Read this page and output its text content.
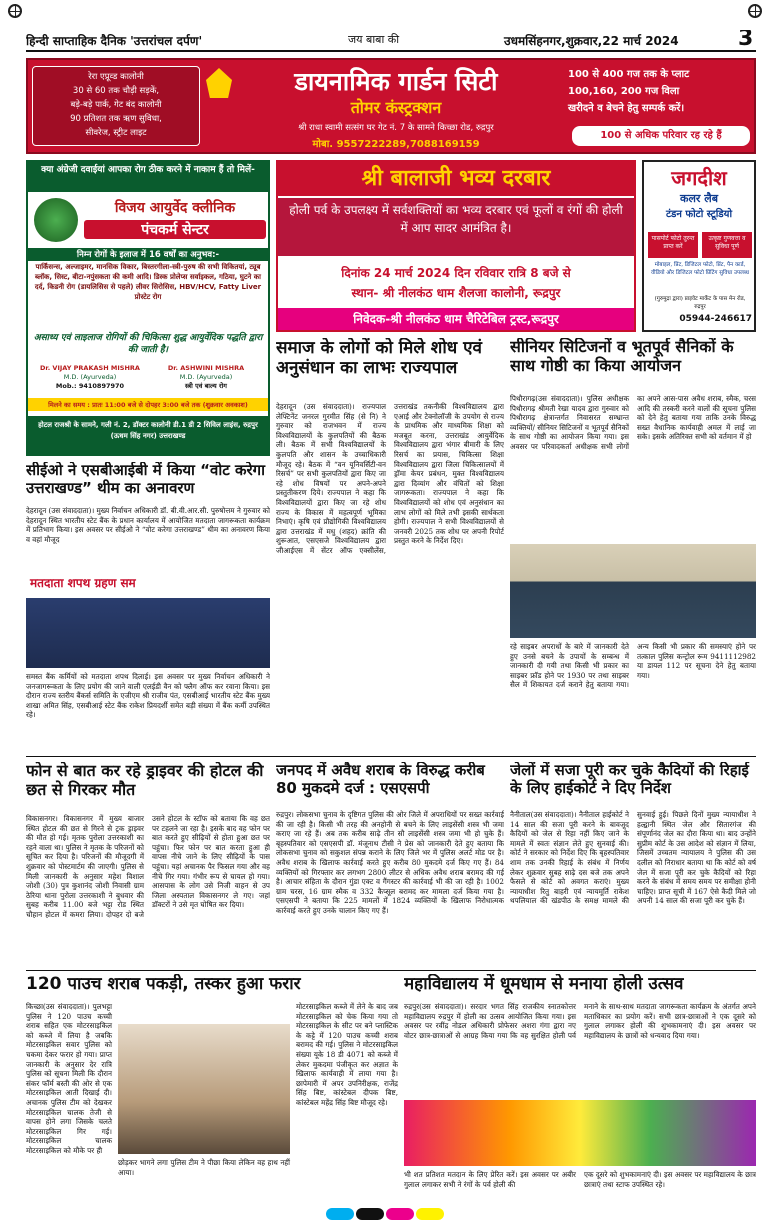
हिन्दी साप्ताहिक दैनिक 'उत्तरांचल दर्पण'	जय बाबा की	उधमसिंहनगर,शुक्रवार,22 मार्च 2024	3
रेरा एप्रूव्ड कालोनी
30 से 60 तक चौड़ी सड़कें,
बड़े-बड़े पार्क, गेट बंद कालोनी
90 प्रतिशत तक ऋण सुविधा,
सीवरेज, स्ट्रीट लाइट
डायनामिक गार्डन सिटी
तोमर कंस्ट्रक्शन
श्री राधा स्वामी सत्संग घर गेट नं. 7 के सामने किच्छा रोड, रुद्रपुर
मोबा. 9557222289,7088169159
100 से 400 गज तक के प्लाट
100,160, 200 गज विला
खरीदने व बेचने हेतु सम्पर्क करें।
100 से अधिक परिवार रह रहे हैं
क्या अंग्रेजी दवाईयां आपका रोग ठीक करने में नाकाम हैं तो मिलें-
विजय आयुर्वेद क्लीनिक
पंचकर्म सेन्टर
निम्न रोगों के इलाज में 16 वर्षों का अनुभव:-
पार्किंसन्स, अल्जाइमर, मानसिक विकार, बिस्तरगीला-स्त्री-पुरुष की सभी विकितयां, ट्यूब ब्लॉक, सिस्ट, बीटा-नपुंसकता की कमी आदि। डिस्क प्रोलेप्स सर्वाइकल, गठिया, घुटने का दर्द, किडनी रोग (डायलिसिस से पहले) लीवर सिरोसिस, HBV/HCV, Fatty Liver प्रोस्टेट रोग
असाध्य एवं लाइलाज रोगियों की चिकित्सा शुद्ध आयुर्वेदिक पद्धति द्वारा की जाती है।
Dr. VIJAY PRAKASH MISHRA
M.D. (Ayurveda)
Mob.: 9410897970
Dr. ASHWINI MISHRA
M.D. (Ayurveda)
स्त्री एवं बाल्य रोग
मिलने का समय : प्रातः 11:00 बजे से दोपहर 3:00 बजे तक (शुक्रवार अवकाश)
होटल राजश्री के सामने, गली नं. 2, डॉक्टर कालोनी डी.1 डी 2 सिविल लाइंस, रुद्रपुर (ऊधम सिंह नगर) उत्तराखण्ड
श्री बालाजी भव्य दरबार
होली पर्व के उपलक्ष्य में सर्वशक्तियों का भव्य दरबार एवं फूलों व रंगों की होली में आप सादर आमंत्रित है।
दिनांक 24 मार्च 2024 दिन रविवार रात्रि 8 बजे से
स्थान- श्री नीलकंठ धाम शैलजा कालोनी, रूद्रपुर
निवेदक-श्री नीलकंठ धाम चैरिटेबिल ट्रस्ट,रूद्रपुर
जगदीश
कलर लैब
टंडन फोटो स्टूडियो
पासपोर्ट फोटो तुरन्त प्राप्त करें
उत्कृष्ट गुणवत्ता व सुविधा पूर्ण
मोबाइल, प्रिंट, डिजिटल फोटो, प्रिंट, पैन कार्ड, वीडियो और डिजिटल फोटो प्रिंटिंग सुविधा उपलब्ध
(गुरुमुद्रा द्वारा) प्राइवेट मार्केट के पास मेन रोड, रुद्रपुर
05944-246617
समाज के लोगों को मिले शोध एवं अनुसंधान का लाभः राज्यपाल
देहरादून (उस संवाददाता)। राज्यपाल लेफ्टिनेंट जनरल गुरमीत सिंह (से नि) ने गुरुवार को राजभवन में राज्य विश्वविद्यालयों के कुलपतियों की बैठक ली। बैठक में सभी विश्वविद्यालयों के कुलपति और शासन के उच्चाधिकारी मौजूद रहे। बैठक में “वन यूनिवर्सिटी-वन रिसर्च” पर सभी कुलपतियों द्वारा किए जा रहे शोध विषयों पर अपने-अपने प्रस्तुतीकरण दिये। राज्यपाल ने कहा कि विश्वविद्यालयों द्वारा किए जा रहे शोध राज्य के विकास में महत्वपूर्ण भूमिका निभाएं। कृषि एवं प्रौद्योगिकी विश्वविद्यालय द्वारा उत्तराखंड में मधु (शहद) क्रांति की शुरूआत, एसएसजे विश्वविद्यालय द्वारा जीआईएस में सेंटर ऑफ एक्सीलेंस, उत्तराखंड तकनीकी विश्वविद्यालय द्वारा एआई और टेक्नोलॉजी के उपयोग से राज्य के प्राथमिक और माध्यमिक शिक्षा को मजबूत करना, उत्तराखंड आयुर्वेदिक विश्वविद्यालय द्वारा भंगार बीमारी के लिए रिसर्च का प्रयास, चिकित्सा शिक्षा विश्वविद्यालय द्वारा जिला चिकित्सालयों में ड्रॉमा केयर प्रबंधन, मुक्त विश्वविद्यालय द्वारा दिव्यांग और वंचितों को शिक्षा जागरूकता। राज्यपाल ने कहा कि विश्वविद्यालयों को शोध एवं अनुसंधान का लाभ लोगों को मिले तभी इसकी सार्थकता होगी। राज्यपाल ने सभी विश्वविद्यालयों से जनवरी 2025 तक शोध पर अपनी रिपोर्ट प्रस्तुत करने के निर्देश दिए।
सीनियर सिटिजनों व भूतपूर्व सैनिकों के साथ गोष्ठी का किया आयोजन
पिथौरागढ़(उस संवाददाता)। पुलिस अधीक्षक पिथौरागढ़ श्रीमती रेखा यादव द्वारा गुरुवार को पिथौरागढ़ क्षेत्रान्तर्गत निवासरत सम्भ्रान्त व्यक्तियों/ सीनियर सिटिजनों व भूतपूर्व सैनिकों के साथ गोष्ठी का आयोजन किया गया। इस अवसर पर परिवादकर्ता अधीक्षक सभी लोगों का अपने आस-पास अवैध शराब, स्मैक, चरस आदि की तस्करी करने वालों की सूचना पुलिस को देने हेतु बताया गया ताकि उनके विरुद्ध सख्त वैधानिक कार्यवाही अमल में लाई जा सके। इसके अतिरिक्त सभी को वर्तमान में हो
रहे साइबर अपराधों के बारे में जानकारी देते हुए उनसे बचने के उपायों के सम्बन्ध में जानकारी दी गयी तथा किसी भी प्रकार का साइबर फ्रॉड होने पर 1930 पर तथा साइबर सैल में शिकायत दर्ज कराने हेतु बताया गया। अन्य किसी भी प्रकार की समस्याएं होने पर तत्काल पुलिस कन्ट्रोल रूम 9411112982 या डायल 112 पर सूचना देने हेतु बताया गया।
सीईओ ने एसबीआईबी में किया “वोट करेगा उत्तराखण्ड” थीम का अनावरण
देहरादून (उस संवाददाता)। मुख्य निर्वाचन अधिकारी डॉ. बी.वी.आर.सी. पुरुषोत्तम ने गुरुवार को देहरादून स्थित भारतीय स्टेट बैंक के प्रधान कार्यालय में आयोजित मतदाता जागरूकता कार्यक्रम में प्रतिभाग किया। इस अवसर पर सीईओ ने “वोट करेगा उत्तराखण्ड” थीम का अनावरण किया व वहां मौजूद
मतदाता शपथ ग्रहण सम
समस्त बैंक कर्मियों को मतदाता शपथ दिलाई। इस अवसर पर मुख्य निर्वाचन अधिकारी ने जनजागरूकता के लिए प्रयोग की जाने वाली एलईडी वैन को फ्लैग ऑफ कर रवाना किया। इस दौरान राज्य स्तरीय बैंकर्स समिति के एजीएम श्री राजीव पंत, एसबीआई भारतीय स्टेट बैंक मुख्य शाखा अमित सिंह, एसबीआई स्टेट बैंक राकेश प्रियदर्शी समेत बड़ी संख्या में बैंक कर्मी उपस्थित रहे।
फोन से बात कर रहे ड्राइवर की होटल की छत से गिरकर मौत
विकासनगर। विकासनगर में मुख्य बाजार स्थित होटल की छत से गिरने से ट्रक ड्राइवर की मौत हो गई। मृतक पुरोला उत्तरकाशी का रहने वाला था। पुलिस ने मृतक के परिजनों को सूचित कर दिया है। परिजनों की मौजूदगी में शुक्रवार को पोस्टमार्टम की जाएगी। पुलिस से मिली जानकारी के अनुसार महेश विशाल जोशी (30) पुत्र कुशानंद जोशी निवासी ग्राम ठेरिया थाना पुरोला उत्तरकाशी ने बुधवार की सुबह करीब 11.00 बजे भट्टा रोड स्थित चौहान होटल में कमरा लिया। दोपहर दो बजे उसने होटल के स्टॉफ को बताया कि वह छत पर टहलने जा रहा है। इसके बाद वह फोन पर बात करते हुए सीढ़ियों से होता हुआ छत पर पहुंचा। फिर फोन पर बात करता हुआ ही वापस नीचे जाने के लिए सीढ़ियों के पास पहुंचा। यहां अचानक पैर फिसल गया और वह नीचे गिर गया। गंभीर रूप से घायल हो गया। आसपास के लोग उसे निजी वाहन से उप जिला अस्पताल विकासनगर ले गए। जहां डॉक्टरों ने उसे मृत घोषित कर दिया।
जनपद में अवैध शराब के विरुद्ध करीब 80 मुकदमे दर्ज : एसएसपी
रुद्रपुर। लोकसभा चुनाव के दृष्टिगत पुलिस की ओर जिले में अपराधियों पर सख्त कार्रवाई की जा रही है। किसी भी तरह की अनहोनी से बचने के लिए लाइसेंसी शस्त्र भी जमा कराए जा रहे हैं। अब तक करीब साढ़े तीन सौ लाइसेंसी शस्त्र जमा भी हो चुके हैं। बृहस्पतिवार को एसएसपी डॉ. मंजूनाथ टीसी ने प्रेस को जानकारी देते हुए बताया कि लोकसभा चुनाव को सकुशल संपन्न कराने के लिए जिले भर में पुलिस अलर्ट मोड पर है। अवैध शराब के खिलाफ कार्रवाई करते हुए करीब 80 मुकदमे दर्ज किए गए हैं। 84 व्यक्तियों को गिरफ्तार कर लगभग 2800 लीटर से अधिक अवैध शराब बरामद की गई है। आचार संहिता के दौरान गुंडा एक्ट व गैंगस्टर की कार्रवाई भी की जा रही है। 1002 ग्राम चरस, 16 ग्राम स्मैक व 332 कैप्सूल बरामद कर मामला दर्ज किया गया है। एसएसपी ने बताया कि 225 मामलों में 1824 व्यक्तियों के खिलाफ निरोधात्मक कार्रवाई करते हुए उनके चालान किए गए हैं।
जेलों में सजा पूरी कर चुके कैदियों की रिहाई के लिए हाईकोर्ट ने दिए निर्देश
नैनीताल(उस संवाददाता)। नैनीताल हाईकोर्ट ने 14 साल की सजा पूरी करने के बावजूद कैदियों को जेल से रिहा नहीं किए जाने के मामले में स्वतः संज्ञान लेते हुए सुनवाई की। कोर्ट ने सरकार को निर्देश दिए कि बृहस्पतिवार शाम तक उनकी रिहाई के संबंध में निर्णय लेकर शुक्रवार सुबह साढ़े दस बजे तक अपने फैसले से कोर्ट को अवगत कराएं। मुख्य न्यायाधीश रितु बाहरी एवं न्यायमूर्ति राकेश थपलियाल की खंडपीठ के समक्ष मामले की सुनवाई हुई। पिछले दिनों मुख्य न्यायाधीश ने हल्द्वानी स्थित जेल और सितारगंज की संपूर्णानंद जेल का दौरा किया था। बाद उन्होंने सुप्रीम कोर्ट के उस आदेश को संज्ञान में लिया, जिसमें उच्चतम न्यायालय ने पुलिस की उस दलील को निराधार बताया था कि कोर्ट को वर्ष जेल में सजा पूरी कर चुके कैदियों को रिहा करने के संबंध में समय समय पर समीक्षा होनी चाहिए। प्राप्त सूची में 167 ऐसे कैदी मिले जो अपनी 14 साल की सजा पूरी कर चुके हैं।
120 पाउच शराब पकड़ी, तस्कर हुआ फरार
किच्छा(उस संवाददाता)। पुलभट्टा पुलिस ने 120 पाउच कच्ची शराब सहित एक मोटरसाइकिल को कब्जे में लिया है जबकि मोटरसाइकिल सवार पुलिस को चकमा देकर फरार हो गया। प्राप्त जानकारी के अनुसार देर रात्रि पुलिस को सूचना मिली कि दौरान संकर फॉर्म बस्ती की ओर से एक मोटरसाइकिल आती दिखाई दी। अचानक पुलिस टीम को देखकर मोटरसाइकिल चालक तेजी से वापस होने लगा जिसके चलते मोटरसाइकिल गिर गई। मोटरसाइकिल चालक मोटरसाइकिल को मौके पर ही
छोड़कर भागने लगा पुलिस टीम ने पीछा किया लेकिन वह हाथ नहीं आया।
मोटरसाइकिल कब्जे में लेने के बाद जब मोटरसाइकिल को चेक किया गया तो मोटरसाइकिल के सीट पर बने प्लास्टिक के कट्टे में 120 पाउच कच्ची शराब बरामद की गई। पुलिस ने मोटरसाइकिल संख्या यूके 18 डी 4071 को कब्जे में लेकर मुकदमा पंजीकृत कर अज्ञात के खिलाफ कार्यवाही में लाया गया है। छापेमारी में अपर उपनिरीक्षक, राजेंद्र सिंह बिष्ट, कांस्टेबल दीपक बिष्ट, कांस्टेबल महेंद्र सिंह बिष्ट मौजूद रहे।
महाविद्यालय में धूमधाम से मनाया होली उत्सव
रुद्रपुर(उस संवाददाता)। सरदार भगत सिंह राजकीय स्नातकोत्तर महाविद्यालय रुद्रपुर में होली का उत्सव आयोजित किया गया। इस अवसर पर रवींद्र नोडल अधिकारी प्रोफेसर अशरा गंगा द्वारा नए वोटर छात्र-छात्राओं से आग्रह किया गया कि वह सुरक्षित होली पर्व मनाने के साथ-साथ मतदाता जागरूकता कार्यक्रम के अंतर्गत अपने मताधिकार का प्रयोग करें। सभी छात्र-छात्राओं ने एक दूसरे को गुलाल लगाकर होली की शुभकामनाएं दी। इस अवसर पर महाविद्यालय के छात्रों को धन्यवाद दिया गया।
भी शत प्रतिशत मतदान के लिए प्रेरित करें। इस अवसर पर अबीर गुलाल लगाकर सभी ने रंगों के पर्व होली की
एक दूसरे को शुभकामनाएं दी। इस अवसर पर महाविद्यालय के छात्र छात्राएं तथा स्टाफ उपस्थित रहे।
